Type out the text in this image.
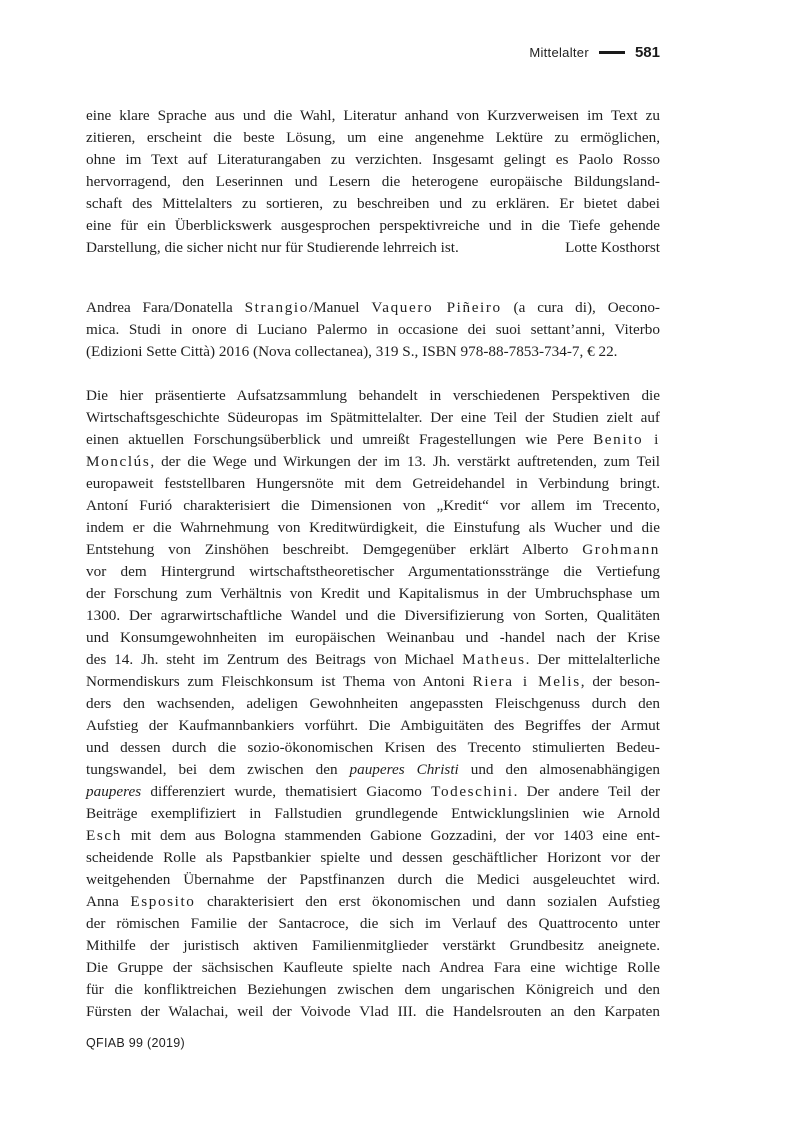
Mittelalter	581
eine klare Sprache aus und die Wahl, Literatur anhand von Kurzverweisen im Text zu
zitieren, erscheint die beste Lösung, um eine angenehme Lektüre zu ermöglichen,
ohne im Text auf Literaturangaben zu verzichten. Insgesamt gelingt es Paolo Rosso
hervorragend, den Leserinnen und Lesern die heterogene europäische Bildungsland-
schaft des Mittelalters zu sortieren, zu beschreiben und zu erklären. Er bietet dabei
eine für ein Überblickswerk ausgesprochen perspektivreiche und in die Tiefe gehende
Darstellung, die sicher nicht nur für Studierende lehrreich ist.	Lotte Kosthorst
Andrea Fara/Donatella Strangio/Manuel Vaquero Piñeiro (a cura di), Oecono-
mica. Studi in onore di Luciano Palermo in occasione dei suoi settant’anni, Viterbo
(Edizioni Sette Città) 2016 (Nova collectanea), 319 S., ISBN 978-88-7853-734-7, € 22.
Die hier präsentierte Aufsatzsammlung behandelt in verschiedenen Perspektiven die
Wirtschaftsgeschichte Südeuropas im Spätmittelalter. Der eine Teil der Studien zielt auf
einen aktuellen Forschungsüberblick und umreißt Fragestellungen wie Pere Benito i
Monclús, der die Wege und Wirkungen der im 13. Jh. verstärkt auftretenden, zum Teil
europaweit feststellbaren Hungersnöte mit dem Getreidehandel in Verbindung bringt.
Antoní Furió charakterisiert die Dimensionen von „Kredit“ vor allem im Trecento,
indem er die Wahrnehmung von Kreditwürdigkeit, die Einstufung als Wucher und die
Entstehung von Zinshöhen beschreibt. Demgegenüber erklärt Alberto Grohmann
vor dem Hintergrund wirtschaftstheoretischer Argumentationsstränge die Vertiefung
der Forschung zum Verhältnis von Kredit und Kapitalismus in der Umbruchsphase um
1300. Der agrarwirtschaftliche Wandel und die Diversifizierung von Sorten, Qualitäten
und Konsumgewohnheiten im europäischen Weinanbau und -handel nach der Krise
des 14. Jh. steht im Zentrum des Beitrags von Michael Matheus. Der mittelalterliche
Normendiskurs zum Fleischkonsum ist Thema von Antoni Riera i Melis, der beson-
ders den wachsenden, adeligen Gewohnheiten angepassten Fleischgenuss durch den
Aufstieg der Kaufmannbankiers vorführt. Die Ambiguitäten des Begriffes der Armut
und dessen durch die sozio-ökonomischen Krisen des Trecento stimulierten Bedeu-
tungswandel, bei dem zwischen den pauperes Christi und den almosenabhängigen
pauperes differenziert wurde, thematisiert Giacomo Todeschini. Der andere Teil der
Beiträge exemplifiziert in Fallstudien grundlegende Entwicklungslinien wie Arnold
Esch mit dem aus Bologna stammenden Gabione Gozzadini, der vor 1403 eine ent-
scheidende Rolle als Papstbankier spielte und dessen geschäftlicher Horizont vor der
weitgehenden Übernahme der Papstfinanzen durch die Medici ausgeleuchtet wird.
Anna Esposito charakterisiert den erst ökonomischen und dann sozialen Aufstieg
der römischen Familie der Santacroce, die sich im Verlauf des Quattrocento unter
Mithilfe der juristisch aktiven Familienmitglieder verstärkt Grundbesitz aneignete.
Die Gruppe der sächsischen Kaufleute spielte nach Andrea Fara eine wichtige Rolle
für die konfliktreichen Beziehungen zwischen dem ungarischen Königreich und den
Fürsten der Walachai, weil der Voivode Vlad III. die Handelsrouten an den Karpaten
QFIAB 99 (2019)
